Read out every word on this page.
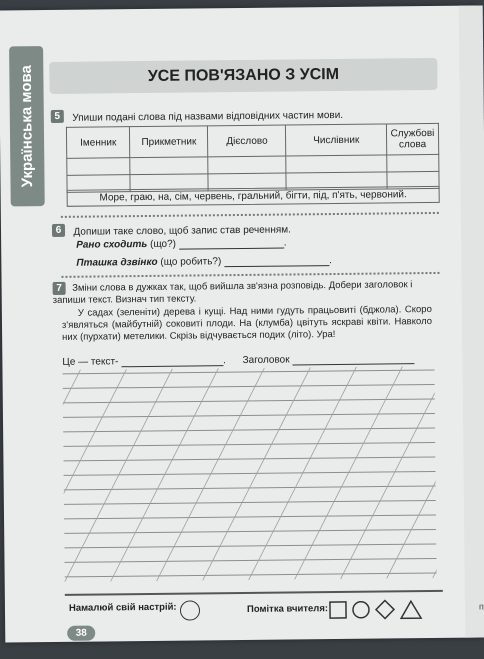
п
Українська мова	УСЕ ПОВ'ЯЗАНО З УСІМ
5 Упиши подані слова під назвами відповідних частин мови.
Іменник	Прикметник	Дієслово	Числівник	Службові слова

Море, граю, на, сім, червень, гральний, бігти, під, п'ять, червоний.
6 Допиши таке слово, щоб запис став реченням.
Рано сходить (що?)	.
Пташка дзвінко (що робить?)	.
7 Зміни слова в дужках так, щоб вийшла зв'язна розповідь. Добери заголовок і запиши текст. Визнач тип тексту.

У садах (зеленіти) дерева і кущі. Над ними гудуть працьовиті (бджола). Скоро з'являться (майбутній) соковиті плоди. На (клумба) цвітуть яскраві квіти. Навколо них (пурхати) метелики. Скрізь відчувається подих (літо). Ура!

Це — текст-	.      Заголовок
Намалюй свій настрій:	Помітка вчителя:
38
